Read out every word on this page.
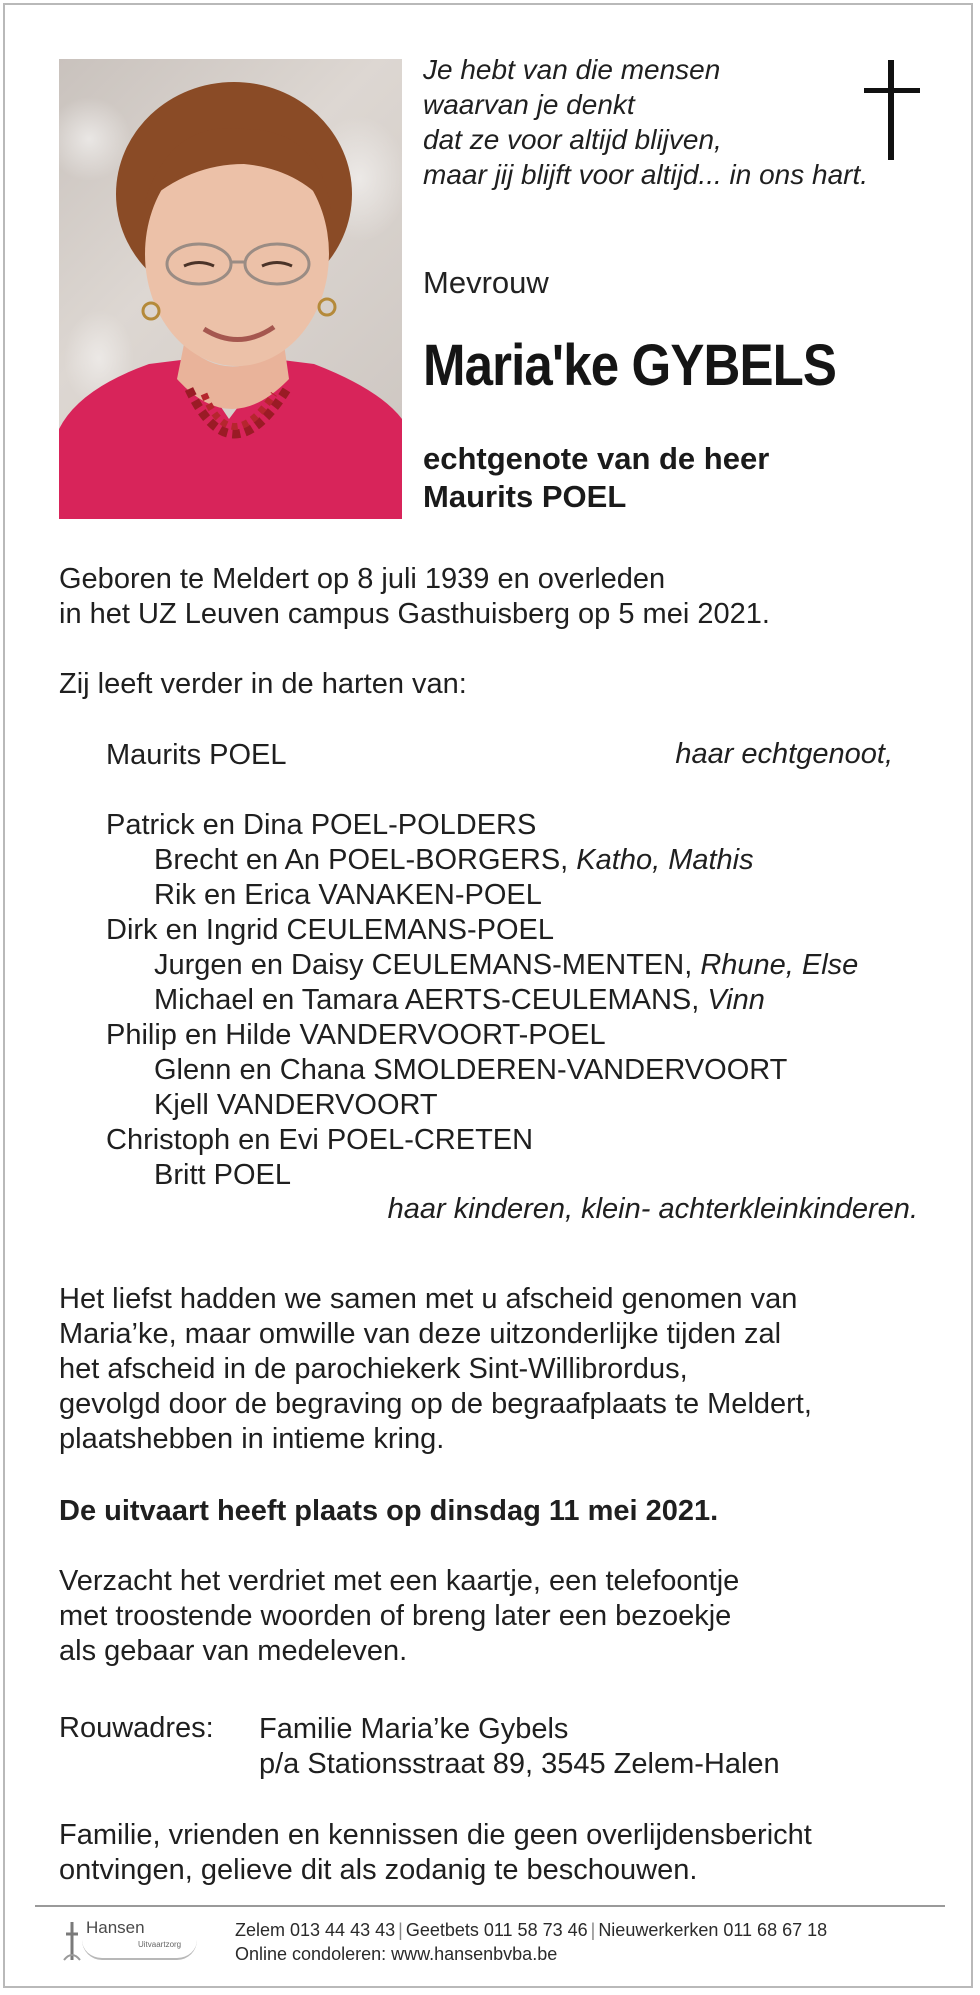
Je hebt van die mensen
waarvan je denkt
dat ze voor altijd blijven,
maar jij blijft voor altijd... in ons hart.
Mevrouw
Maria'ke GYBELS
echtgenote van de heer
Maurits POEL
Geboren te Meldert op 8 juli 1939 en overleden
in het UZ Leuven campus Gasthuisberg op 5 mei 2021.
Zij leeft verder in de harten van:
Maurits POEL	haar echtgenoot,
Patrick en Dina POEL-POLDERS
Brecht en An POEL-BORGERS, Katho, Mathis
Rik en Erica VANAKEN-POEL
Dirk en Ingrid CEULEMANS-POEL
Jurgen en Daisy CEULEMANS-MENTEN, Rhune, Else
Michael en Tamara AERTS-CEULEMANS, Vinn
Philip en Hilde VANDERVOORT-POEL
Glenn en Chana SMOLDEREN-VANDERVOORT
Kjell VANDERVOORT
Christoph en Evi POEL-CRETEN
Britt POEL
haar kinderen, klein- achterkleinkinderen.
Het liefst hadden we samen met u afscheid genomen van
Maria’ke, maar omwille van deze uitzonderlijke tijden zal
het afscheid in de parochiekerk Sint-Willibrordus,
gevolgd door de begraving op de begraafplaats te Meldert,
plaatshebben in intieme kring.
De uitvaart heeft plaats op dinsdag 11 mei 2021.
Verzacht het verdriet met een kaartje, een telefoontje
met troostende woorden of breng later een bezoekje
als gebaar van medeleven.
Rouwadres: Familie Maria’ke Gybels
p/a Stationsstraat 89, 3545 Zelem-Halen
Familie, vrienden en kennissen die geen overlijdensbericht
ontvingen, gelieve dit als zodanig te beschouwen.
Hansen
Uitvaartzorg
Zelem 013 44 43 43 | Geetbets 011 58 73 46 | Nieuwerkerken 011 68 67 18
Online condoleren: www.hansenbvba.be
